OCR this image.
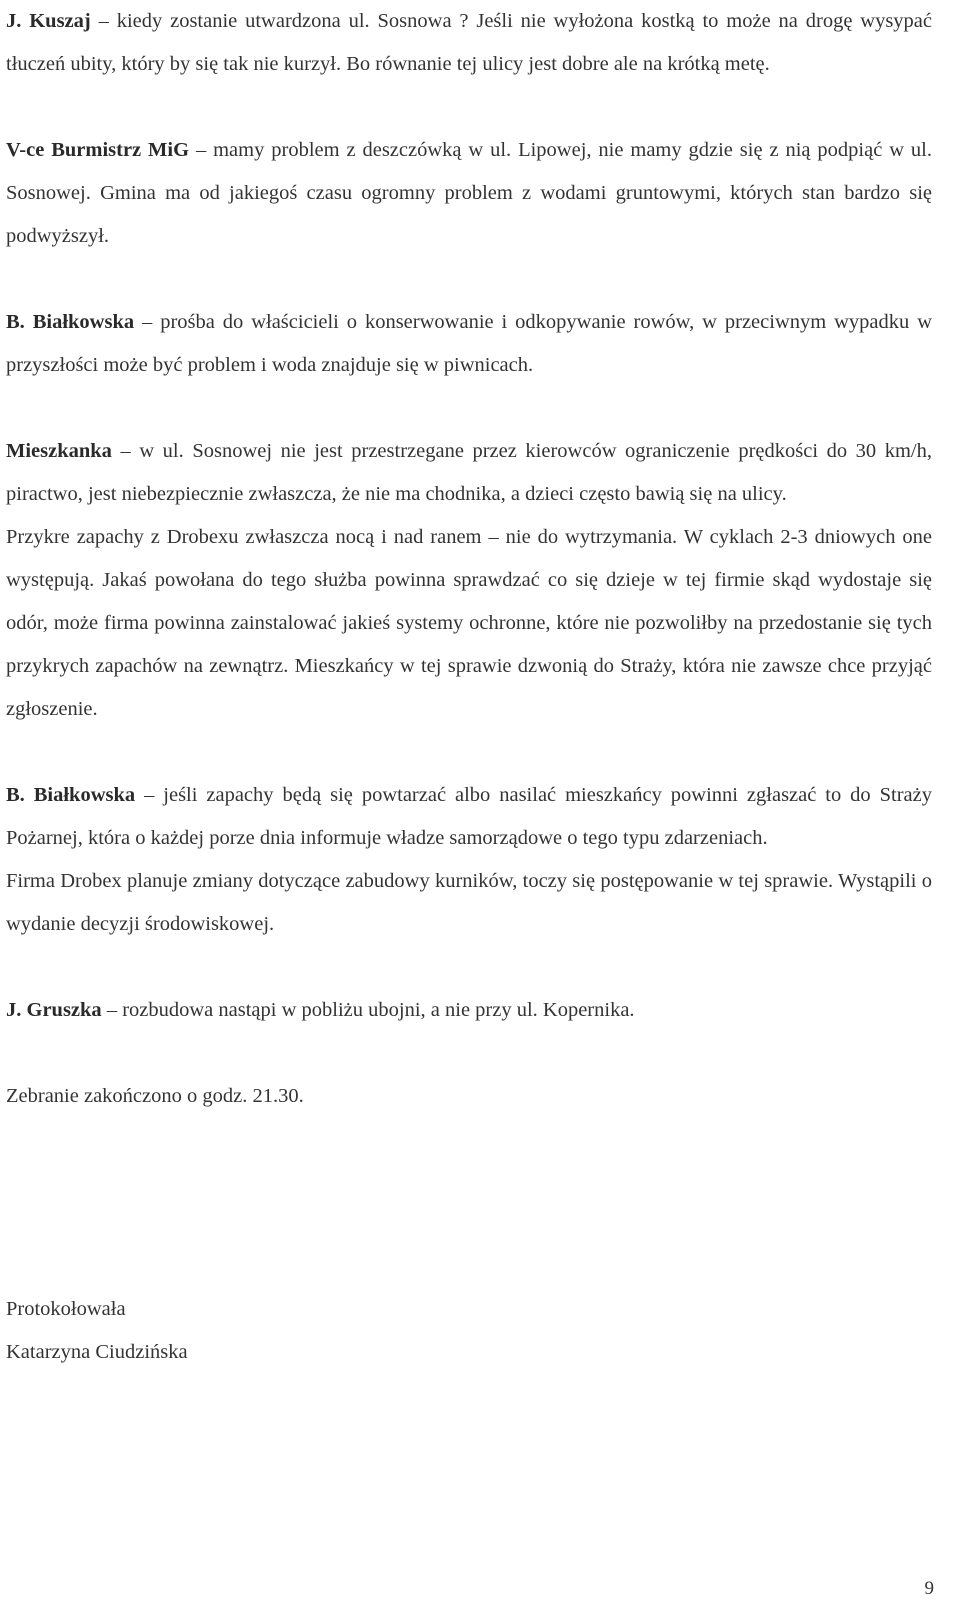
J. Kuszaj – kiedy zostanie utwardzona ul. Sosnowa ? Jeśli nie wyłożona kostką to może na drogę wysypać tłuczeń ubity, który by się tak nie kurzył. Bo równanie tej ulicy jest dobre ale na krótką metę.

V-ce Burmistrz MiG – mamy problem z deszczówką w ul. Lipowej, nie mamy gdzie się z nią podpiąć w ul. Sosnowej. Gmina ma od jakiegoś czasu ogromny problem z wodami gruntowymi, których stan bardzo się podwyższył.

B. Białkowska – prośba do właścicieli o konserwowanie i odkopywanie rowów, w przeciwnym wypadku w przyszłości może być problem i woda znajduje się w piwnicach.

Mieszkanka – w ul. Sosnowej nie jest przestrzegane przez kierowców ograniczenie prędkości do 30 km/h, piractwo, jest niebezpiecznie zwłaszcza, że nie ma chodnika, a dzieci często bawią się na ulicy.

Przykre zapachy z Drobexu zwłaszcza nocą i nad ranem – nie do wytrzymania. W cyklach 2-3 dniowych one występują. Jakaś powołana do tego służba powinna sprawdzać co się dzieje w tej firmie skąd wydostaje się odór, może firma powinna zainstalować jakieś systemy ochronne, które nie pozwoliłby na przedostanie się tych przykrych zapachów na zewnątrz. Mieszkańcy w tej sprawie dzwonią do Straży, która nie zawsze chce przyjąć zgłoszenie.

B. Białkowska – jeśli zapachy będą się powtarzać albo nasilać mieszkańcy powinni zgłaszać to do Straży Pożarnej, która o każdej porze dnia informuje władze samorządowe o tego typu zdarzeniach.

Firma Drobex planuje zmiany dotyczące zabudowy kurników, toczy się postępowanie w tej sprawie. Wystąpili o wydanie decyzji środowiskowej.

J. Gruszka – rozbudowa nastąpi w pobliżu ubojni, a nie przy ul. Kopernika.

Zebranie zakończono o godz. 21.30.

Protokołowała

Katarzyna Ciudzińska

9
